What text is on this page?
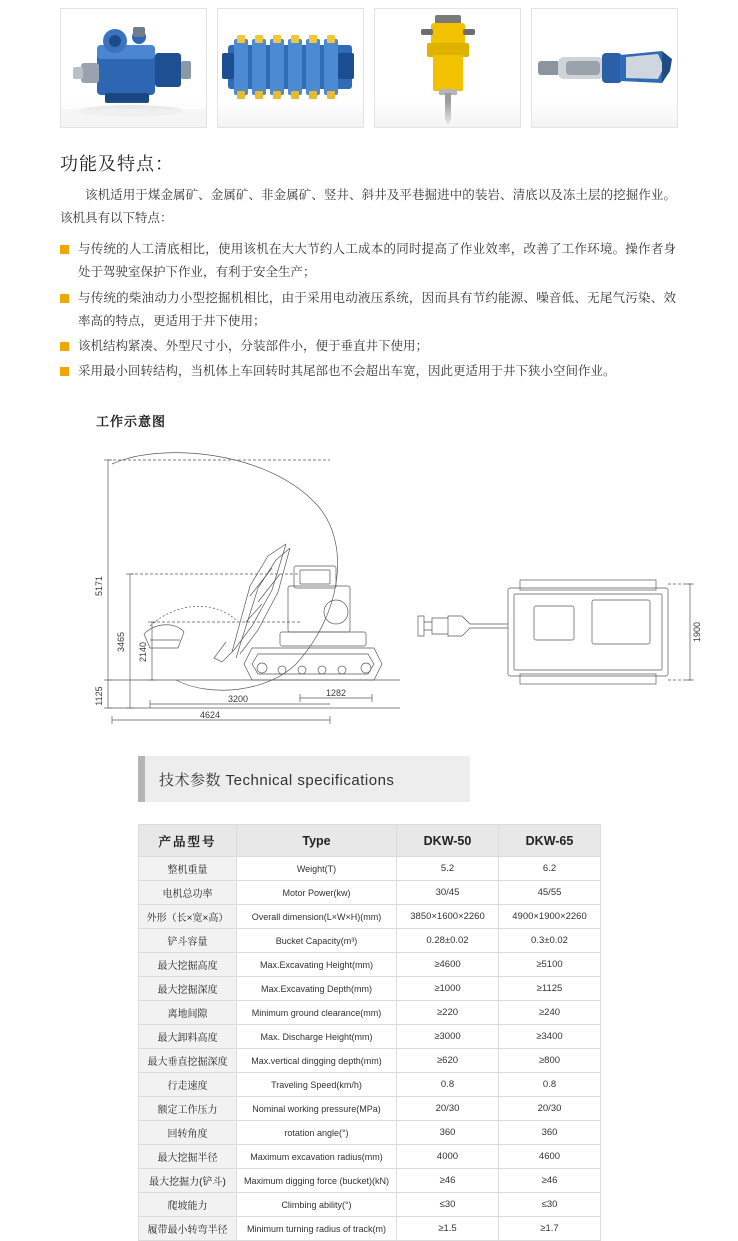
功能及特点：
该机适用于煤金属矿、金属矿、非金属矿、竖井、斜井及平巷掘进中的装岩、清底以及冻土层的挖掘作业。该机具有以下特点：
与传统的人工清底相比，使用该机在大大节约人工成本的同时提高了作业效率，改善了工作环境。操作者身处于驾驶室保护下作业，有利于安全生产；
与传统的柴油动力小型挖掘机相比，由于采用电动液压系统，因而具有节约能源、噪音低、无尾气污染、效率高的特点，更适用于井下使用；
该机结构紧凑、外型尺寸小，分装部件小，便于垂直井下使用；
采用最小回转结构，当机体上车回转时其尾部也不会超出车宽，因此更适用于井下狭小空间作业。
工作示意图
5171
3465 2140
1125
4624
3200
1282
1900
技术参数 Technical specifications
产品型号	Type	DKW-50	DKW-65
整机重量	Weight(T)	5.2	6.2
电机总功率	Motor Power(kw)	30/45	45/55
外形（长×宽×高）	Overall dimension(L×W×H)(mm)	3850×1600×2260	4900×1900×2260
铲斗容量	Bucket Capacity(m³)	0.28±0.02	0.3±0.02
最大挖掘高度	Max.Excavating Height(mm)	≥4600	≥5100
最大挖掘深度	Max.Excavating Depth(mm)	≥1000	≥1125
离地间隙	Minimum ground clearance(mm)	≥220	≥240
最大卸料高度	Max. Discharge Height(mm)	≥3000	≥3400
最大垂直挖掘深度	Max.vertical dingging depth(mm)	≥620	≥800
行走速度	Traveling Speed(km/h)	0.8	0.8
额定工作压力	Nominal working pressure(MPa)	20/30	20/30
回转角度	rotation angle(°)	360	360
最大挖掘半径	Maximum excavation radius(mm)	4000	4600
最大挖掘力(铲斗)	Maximum digging force (bucket)(kN)	≥46	≥46
爬坡能力	Climbing ability(°)	≤30	≤30
履带最小转弯半径	Minimum turning radius of track(m)	≥1.5	≥1.7
